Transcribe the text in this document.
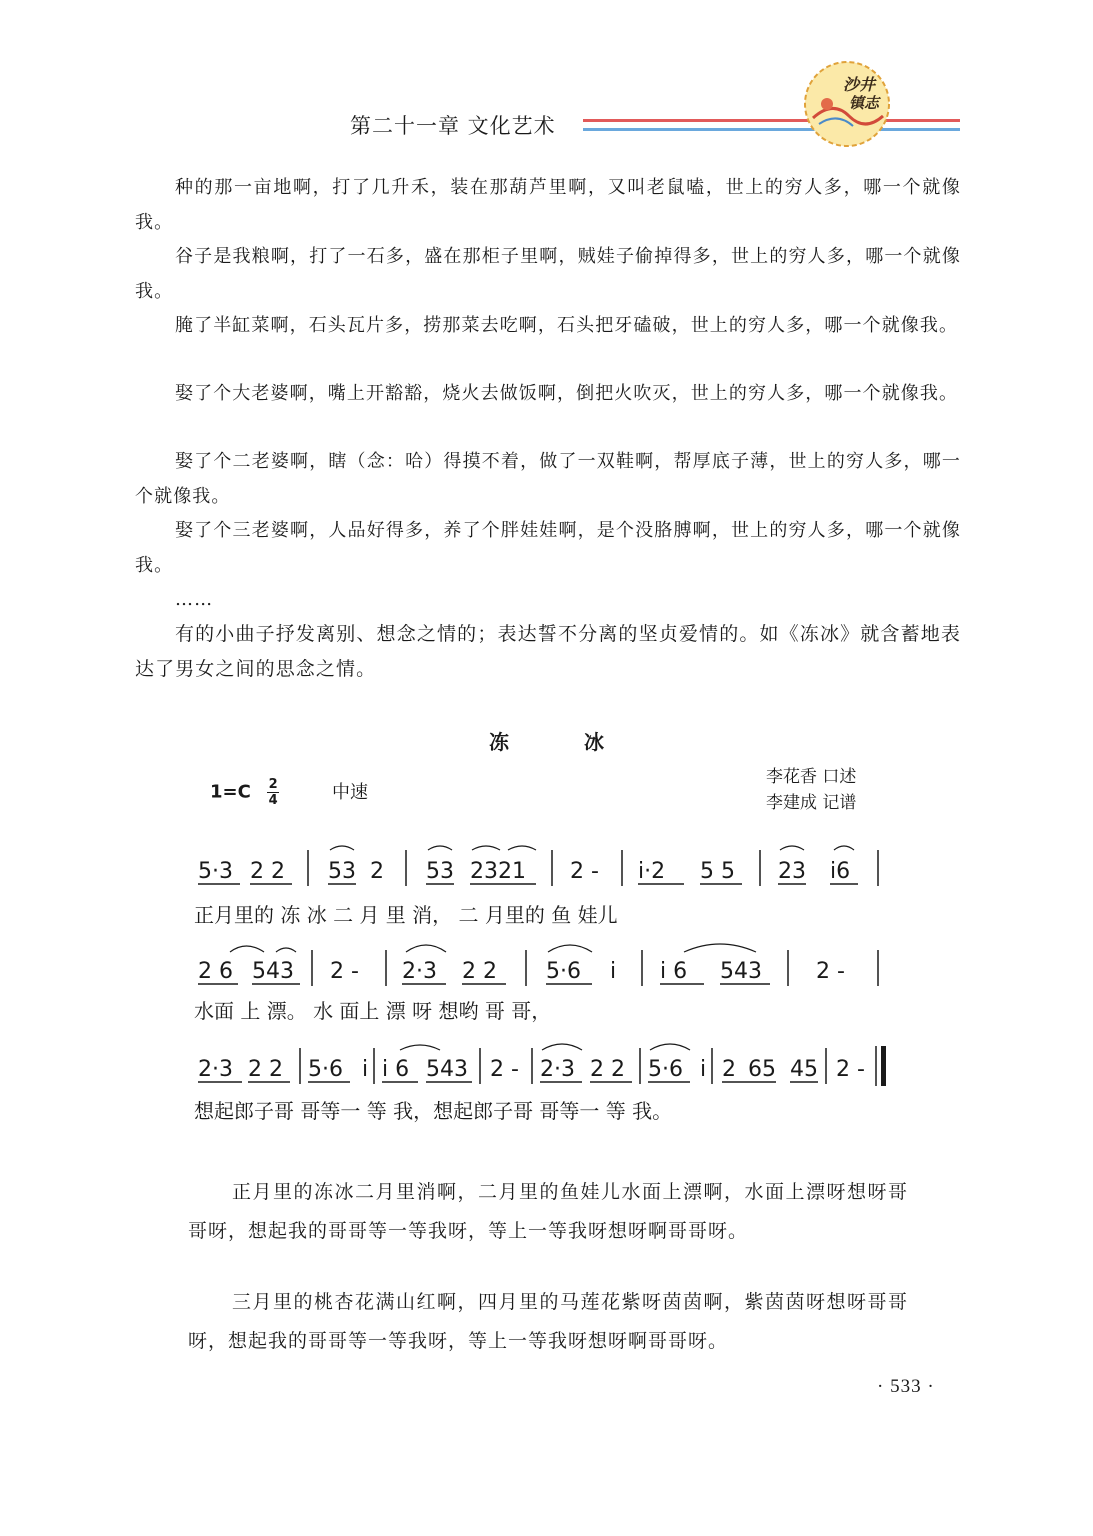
第二十一章 文化艺术
沙井
镇志
种的那一亩地啊，打了几升禾，装在那葫芦里啊，又叫老鼠嗑，世上的穷人多，哪一个就像我。
谷子是我粮啊，打了一石多，盛在那柜子里啊，贼娃子偷掉得多，世上的穷人多，哪一个就像我。
腌了半缸菜啊，石头瓦片多，捞那菜去吃啊，石头把牙磕破，世上的穷人多，哪一个就像我。
娶了个大老婆啊，嘴上开豁豁，烧火去做饭啊，倒把火吹灭，世上的穷人多，哪一个就像我。
娶了个二老婆啊，瞎（念：哈）得摸不着，做了一双鞋啊，帮厚底子薄，世上的穷人多，哪一个就像我。
娶了个三老婆啊，人品好得多，养了个胖娃娃啊，是个没胳膊啊，世上的穷人多，哪一个就像我。
……
有的小曲子抒发离别、想念之情的；表达誓不分离的坚贞爱情的。如《冻冰》就含蓄地表达了男女之间的思念之情。
冻 冰
$1=C \frac{2}{4}$	中速
李花香 口述
李建成 记谱
5·3 2 2 53 2 53 2321 2 - i·2 5 5 23 i6
正月里的 冻 冰 二 月 里 消， 二 月里的 鱼 娃儿
2 6 543 2 - 2·3 2 2 5·6 i i 6 543 2 -
水面 上 漂。 水 面上 漂 呀 想哟 哥 哥，
2·3 2 2 5·6 i i 6 543 2 - 2·3 2 2 5·6 i 2 65 45 2 -
想起郎子哥 哥等一 等 我，想起郎子哥 哥等一 等 我。
正月里的冻冰二月里消啊，二月里的鱼娃儿水面上漂啊，水面上漂呀想呀哥哥呀，想起我的哥哥等一等我呀，等上一等我呀想呀啊哥哥呀。
三月里的桃杏花满山红啊，四月里的马莲花紫呀茵茵啊，紫茵茵呀想呀哥哥呀，想起我的哥哥等一等我呀，等上一等我呀想呀啊哥哥呀。
· 533 ·
